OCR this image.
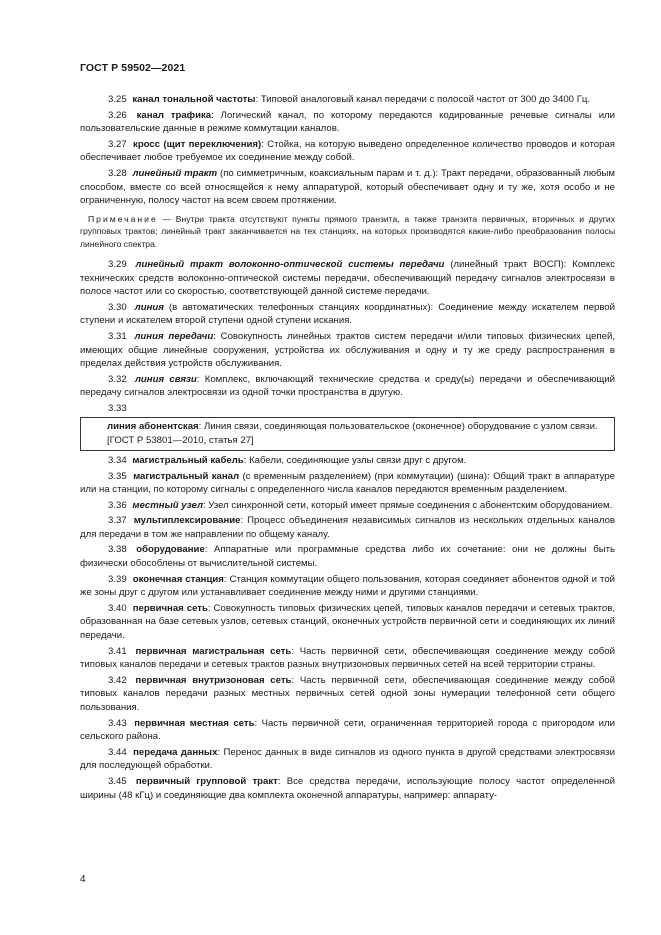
ГОСТ Р 59502—2021

3.25 канал тональной частоты: Типовой аналоговый канал передачи с полосой частот от 300 до 3400 Гц.

3.26 канал трафика: Логический канал, по которому передаются кодированные речевые сигналы или пользовательские данные в режиме коммутации каналов.

3.27 кросс (щит переключения): Стойка, на которую выведено определенное количество проводов и которая обеспечивает любое требуемое их соединение между собой.

3.28 линейный тракт (по симметричным, коаксиальным парам и т. д.): Тракт передачи, образованный любым способом, вместе со всей относящейся к нему аппаратурой, который обеспечивает одну и ту же, хотя особо и не ограниченную, полосу частот на всем своем протяжении.

Примечание — Внутри тракта отсутствуют пункты прямого транзита, а также транзита первичных, вторичных и других групповых трактов; линейный тракт заканчивается на тех станциях, на которых производятся какие-либо преобразования полосы линейного спектра.

3.29 линейный тракт волоконно-оптической системы передачи (линейный тракт ВОСП): Комплекс технических средств волоконно-оптической системы передачи, обеспечивающий передачу сигналов электросвязи в полосе частот или со скоростью, соответствующей данной системе передачи.

3.30 линия (в автоматических телефонных станциях координатных): Соединение между искателем первой ступени и искателем второй ступени одной ступени искания.

3.31 линия передачи: Совокупность линейных трактов систем передачи и/или типовых физических цепей, имеющих общие линейные сооружения, устройства их обслуживания и одну и ту же среду распространения в пределах действия устройств обслуживания.

3.32 линия связи: Комплекс, включающий технические средства и среду(ы) передачи и обеспечивающий передачу сигналов электросвязи из одной точки пространства в другую.

3.33
линия абонентская: Линия связи, соединяющая пользовательское (оконечное) оборудование с узлом связи.
[ГОСТ Р 53801—2010, статья 27]

3.34 магистральный кабель: Кабели, соединяющие узлы связи друг с другом.

3.35 магистральный канал (с временным разделением) (при коммутации) (шина): Общий тракт в аппаратуре или на станции, по которому сигналы с определенного числа каналов передаются временным разделением.

3.36 местный узел: Узел синхронной сети, который имеет прямые соединения с абонентским оборудованием.

3.37 мультиплексирование: Процесс объединения независимых сигналов из нескольких отдельных каналов для передачи в том же направлении по общему каналу.

3.38 оборудование: Аппаратные или программные средства либо их сочетание: они не должны быть физически обособлены от вычислительной системы.

3.39 оконечная станция: Станция коммутации общего пользования, которая соединяет абонентов одной и той же зоны друг с другом или устанавливает соединение между ними и другими станциями.

3.40 первичная сеть: Совокупность типовых физических цепей, типовых каналов передачи и сетевых трактов, образованная на базе сетевых узлов, сетевых станций, оконечных устройств первичной сети и соединяющих их линий передачи.

3.41 первичная магистральная сеть: Часть первичной сети, обеспечивающая соединение между собой типовых каналов передачи и сетевых трактов разных внутризоновых первичных сетей на всей территории страны.

3.42 первичная внутризоновая сеть: Часть первичной сети, обеспечивающая соединение между собой типовых каналов передачи разных местных первичных сетей одной зоны нумерации телефонной сети общего пользования.

3.43 первичная местная сеть: Часть первичной сети, ограниченная территорией города с пригородом или сельского района.

3.44 передача данных: Перенос данных в виде сигналов из одного пункта в другой средствами электросвязи для последующей обработки.

3.45 первичный групповой тракт: Все средства передачи, использующие полосу частот определенной ширины (48 кГц) и соединяющие два комплекта оконечной аппаратуры, например: аппарату-

4
